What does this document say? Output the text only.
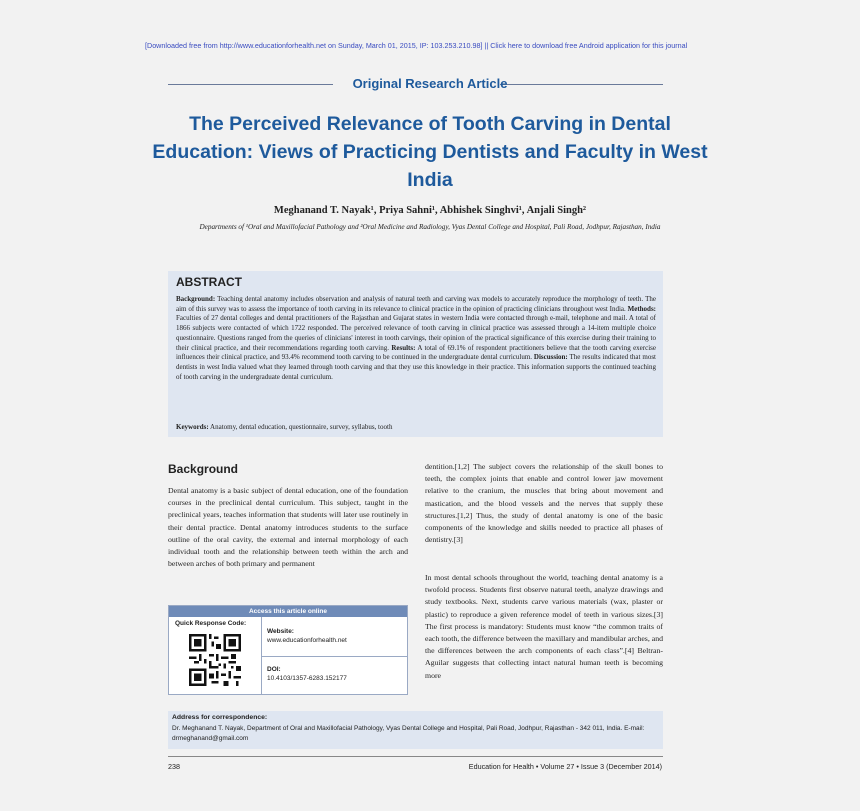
[Downloaded free from http://www.educationforhealth.net on Sunday, March 01, 2015, IP: 103.253.210.98] || Click here to download free Android application for this journal
Original Research Article
The Perceived Relevance of Tooth Carving in Dental Education: Views of Practicing Dentists and Faculty in West India
Meghanand T. Nayak¹, Priya Sahni¹, Abhishek Singhvi¹, Anjali Singh²
Departments of ¹Oral and Maxillofacial Pathology and ²Oral Medicine and Radiology, Vyas Dental College and Hospital, Pali Road, Jodhpur, Rajasthan, India
ABSTRACT
Background: Teaching dental anatomy includes observation and analysis of natural teeth and carving wax models to accurately reproduce the morphology of teeth. The aim of this survey was to assess the importance of tooth carving in its relevance to clinical practice in the opinion of practicing clinicians throughout west India. Methods: Faculties of 27 dental colleges and dental practitioners of the Rajasthan and Gujarat states in western India were contacted through e-mail, telephone and mail. A total of 1866 subjects were contacted of which 1722 responded. The perceived relevance of tooth carving in clinical practice was assessed through a 14-item multiple choice questionnaire. Questions ranged from the queries of clinicians' interest in tooth carvings, their opinion of the practical significance of this exercise during their training to their clinical practice, and their recommendations regarding tooth carving. Results: A total of 69.1% of respondent practitioners believe that the tooth carving exercise influences their clinical practice, and 93.4% recommend tooth carving to be continued in the undergraduate dental curriculum. Discussion: The results indicated that most dentists in west India valued what they learned through tooth carving and that they use this knowledge in their practice. This information supports the continued teaching of tooth carving in the undergraduate dental curriculum.
Keywords: Anatomy, dental education, questionnaire, survey, syllabus, tooth
Background
Dental anatomy is a basic subject of dental education, one of the foundation courses in the preclinical dental curriculum. This subject, taught in the preclinical years, teaches information that students will later use routinely in their dental practice. Dental anatomy introduces students to the surface outline of the oral cavity, the external and internal morphology of each individual tooth and the relationship between teeth within the arch and between arches of both primary and permanent
dentition.[1,2] The subject covers the relationship of the skull bones to teeth, the complex joints that enable and control lower jaw movement relative to the cranium, the muscles that bring about movement and mastication, and the blood vessels and the nerves that supply these structures.[1,2] Thus, the study of dental anatomy is one of the basic components of the knowledge and skills needed to practice all phases of dentistry.[3]
In most dental schools throughout the world, teaching dental anatomy is a twofold process. Students first observe natural teeth, analyze drawings and study textbooks. Next, students carve various materials (wax, plaster or plastic) to reproduce a given reference model of teeth in various sizes.[3] The first process is mandatory: Students must know “the common traits of each tooth, the difference between the maxillary and mandibular arches, and the differences between the arch components of each class”.[4] Beltran-Aguilar suggests that collecting intact natural human teeth is becoming more
Access this article online
Quick Response Code:
Website:
www.educationforhealth.net
DOI:
10.4103/1357-6283.152177
Address for correspondence:
Dr. Meghanand T. Nayak, Department of Oral and Maxillofacial Pathology, Vyas Dental College and Hospital, Pali Road, Jodhpur, Rajasthan - 342 011, India. E-mail: drmeghanand@gmail.com
238	Education for Health • Volume 27 • Issue 3 (December 2014)
